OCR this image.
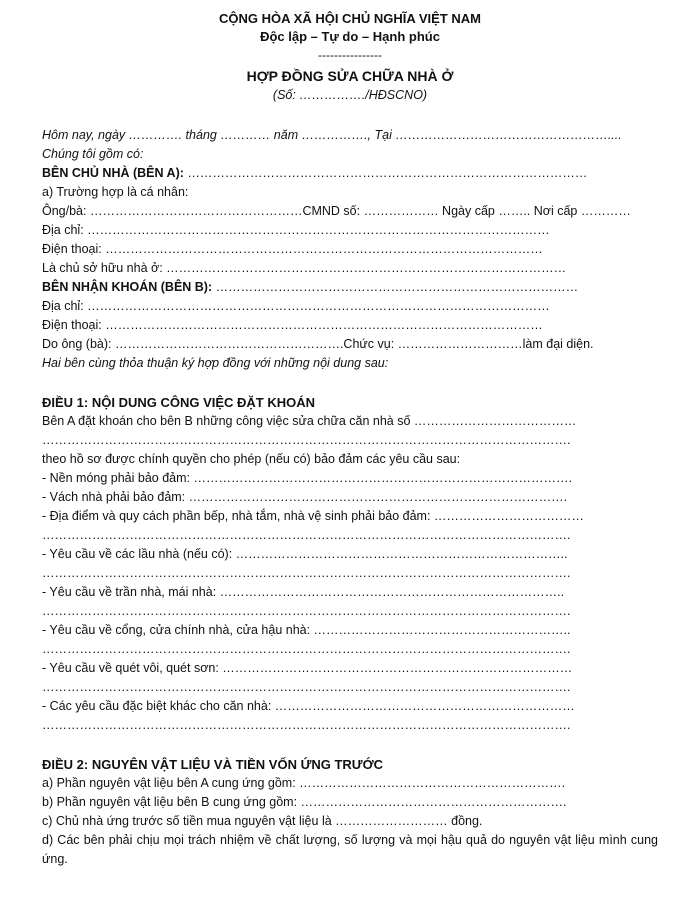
CỘNG HÒA XÃ HỘI CHỦ NGHĨA VIỆT NAM
Độc lập – Tự do – Hạnh phúc
----------------
HỢP ĐỒNG SỬA CHỮA NHÀ Ở
(Số: ……………./HĐSCNO)
Hôm nay, ngày …………. tháng ………… năm ……………., Tại ……………………………………………....
Chúng tôi gồm có:
BÊN CHỦ NHÀ (BÊN A): ……………………………………………………………………………………
a) Trường hợp là cá nhân:
Ông/bà: ……………………………………………CMND số: ……………… Ngày cấp …….. Nơi cấp …………
Địa chỉ: …………………………………………………………………………………………………
Điện thoại: ……………………………………………………………………………………………
Là chủ sở hữu nhà ở: ……………………………………………………………………………………
BÊN NHẬN KHOÁN (BÊN B): ……………………………………………………………………………
Địa chỉ: …………………………………………………………………………………………………
Điện thoại: ……………………………………………………………………………………………
Do ông (bà): ……………………………………………….Chức vụ: …………………………làm đại diện.
Hai bên cùng thỏa thuận ký hợp đồng với những nội dung sau:
ĐIỀU 1: NỘI DUNG CÔNG VIỆC ĐẶT KHOÁN
Bên A đặt khoán cho bên B những công việc sửa chữa căn nhà số …………………………………
……………………………………………………………………………………………………………….
theo hồ sơ được chính quyền cho phép (nếu có) bảo đảm các yêu cầu sau:
- Nền móng phải bảo đảm: ……………………………………………………………………………….
- Vách nhà phải bảo đảm: ……………………………………………………………………………….
- Địa điểm và quy cách phần bếp, nhà tắm, nhà vệ sinh phải bảo đảm: ………………………………
……………………………………………………………………………………………………………….
- Yêu cầu về các lầu nhà (nếu có): ……………………………………………………………………..
……………………………………………………………………………………………………………….
- Yêu cầu về trần nhà, mái nhà: ………………………………………………………………………..
……………………………………………………………………………………………………………….
- Yêu cầu về cổng, cửa chính nhà, cửa hậu nhà: ……………………………………………………..
……………………………………………………………………………………………………………….
- Yêu cầu về quét vôi, quét sơn: …………………………………………………………………………
……………………………………………………………………………………………………………….
- Các yêu cầu đặc biệt khác cho căn nhà: ………………………………………………………………
……………………………………………………………………………………………………………….
ĐIỀU 2: NGUYÊN VẬT LIỆU VÀ TIỀN VỐN ỨNG TRƯỚC
a) Phần nguyên vật liệu bên A cung ứng gồm: ……………………………………………………….
b) Phần nguyên vật liệu bên B cung ứng gồm: ……………………………………………………….
c) Chủ nhà ứng trước số tiền mua nguyên vật liệu là ……………………… đồng.
d) Các bên phải chịu mọi trách nhiệm về chất lượng, số lượng và mọi hậu quả do nguyên vật liệu mình cung ứng.
